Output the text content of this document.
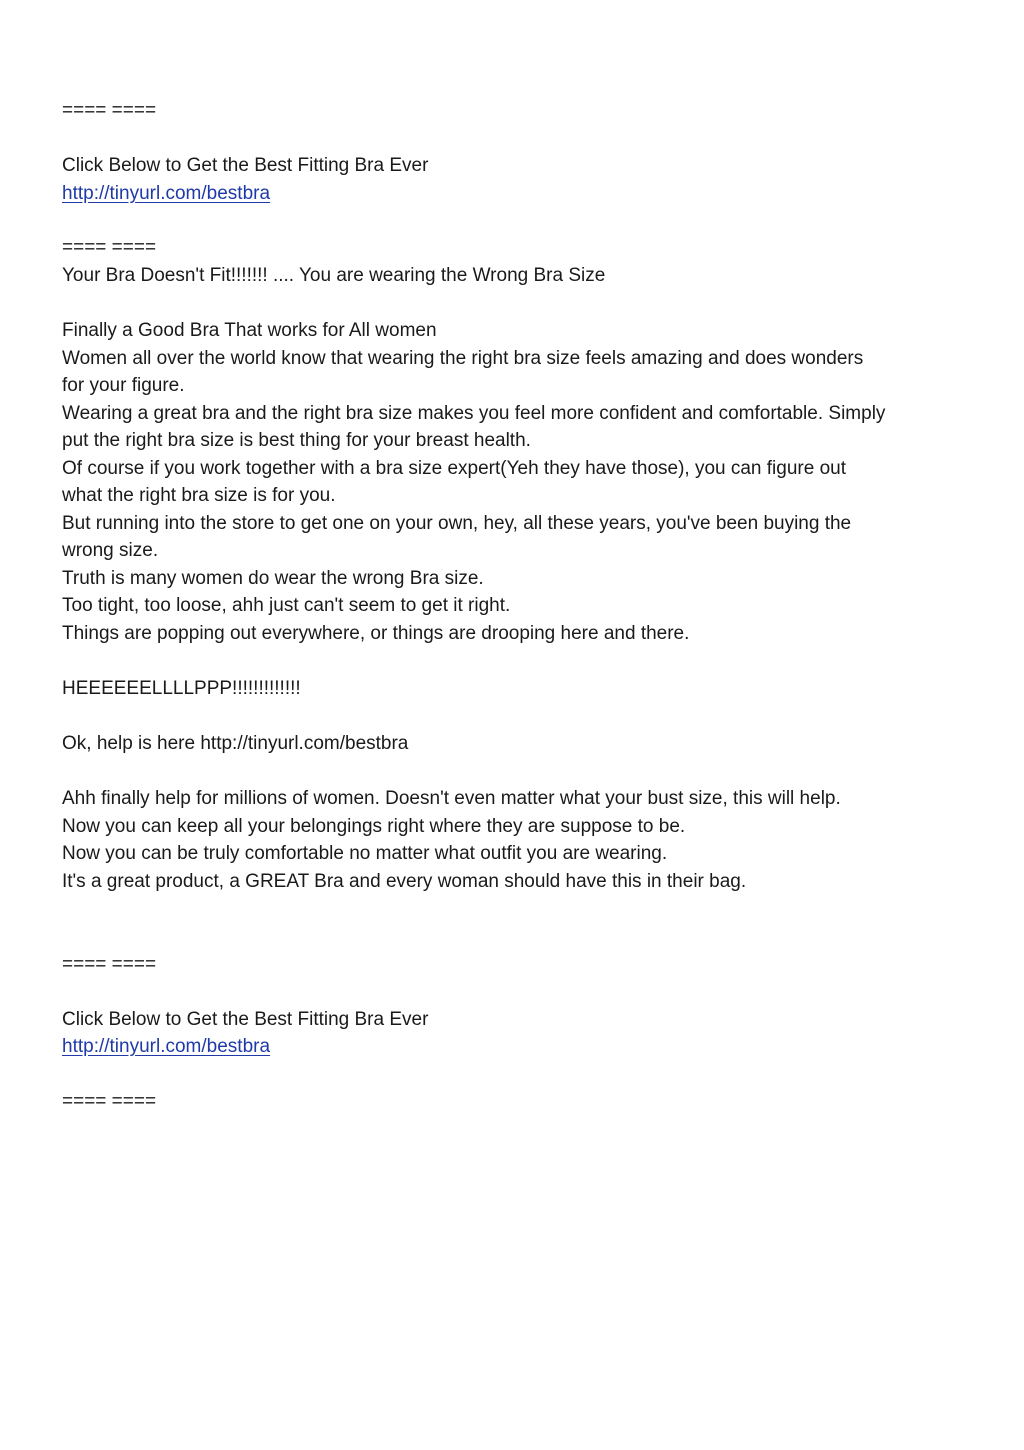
==== ====
Click Below to Get the Best Fitting Bra Ever
http://tinyurl.com/bestbra
==== ====
Your Bra Doesn't Fit!!!!!!! .... You are wearing the Wrong Bra Size
Finally a Good Bra That works for All women
Women all over the world know that wearing the right bra size feels amazing and does wonders
for your figure.
Wearing a great bra and the right bra size makes you feel more confident and comfortable. Simply
put the right bra size is best thing for your breast health.
Of course if you work together with a bra size expert(Yeh they have those), you can figure out
what the right bra size is for you.
But running into the store to get one on your own, hey, all these years, you've been buying the
wrong size.
Truth is many women do wear the wrong Bra size.
Too tight, too loose, ahh just can't seem to get it right.
Things are popping out everywhere, or things are drooping here and there.
HEEEEEELLLLPPP!!!!!!!!!!!!!
Ok, help is here http://tinyurl.com/bestbra
Ahh finally help for millions of women. Doesn't even matter what your bust size, this will help.
Now you can keep all your belongings right where they are suppose to be.
Now you can be truly comfortable no matter what outfit you are wearing.
It's a great product, a GREAT Bra and every woman should have this in their bag.
==== ====
Click Below to Get the Best Fitting Bra Ever
http://tinyurl.com/bestbra
==== ====
